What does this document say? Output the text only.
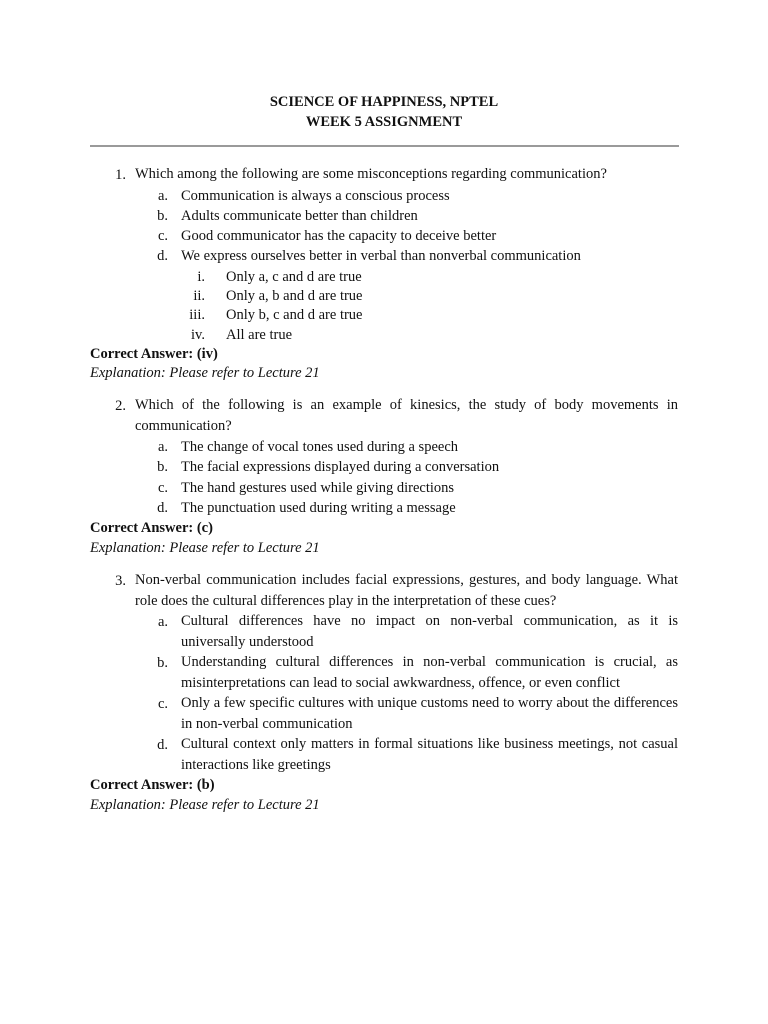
SCIENCE OF HAPPINESS, NPTEL
WEEK 5 ASSIGNMENT
1. Which among the following are some misconceptions regarding communication?
a. Communication is always a conscious process
b. Adults communicate better than children
c. Good communicator has the capacity to deceive better
d. We express ourselves better in verbal than nonverbal communication
i. Only a, c and d are true
ii. Only a, b and d are true
iii. Only b, c and d are true
iv. All are true
Correct Answer: (iv)
Explanation: Please refer to Lecture 21
2. Which of the following is an example of kinesics, the study of body movements in communication?
a. The change of vocal tones used during a speech
b. The facial expressions displayed during a conversation
c. The hand gestures used while giving directions
d. The punctuation used during writing a message
Correct Answer: (c)
Explanation: Please refer to Lecture 21
3. Non-verbal communication includes facial expressions, gestures, and body language. What role does the cultural differences play in the interpretation of these cues?
a. Cultural differences have no impact on non-verbal communication, as it is universally understood
b. Understanding cultural differences in non-verbal communication is crucial, as misinterpretations can lead to social awkwardness, offence, or even conflict
c. Only a few specific cultures with unique customs need to worry about the differences in non-verbal communication
d. Cultural context only matters in formal situations like business meetings, not casual interactions like greetings
Correct Answer: (b)
Explanation: Please refer to Lecture 21
